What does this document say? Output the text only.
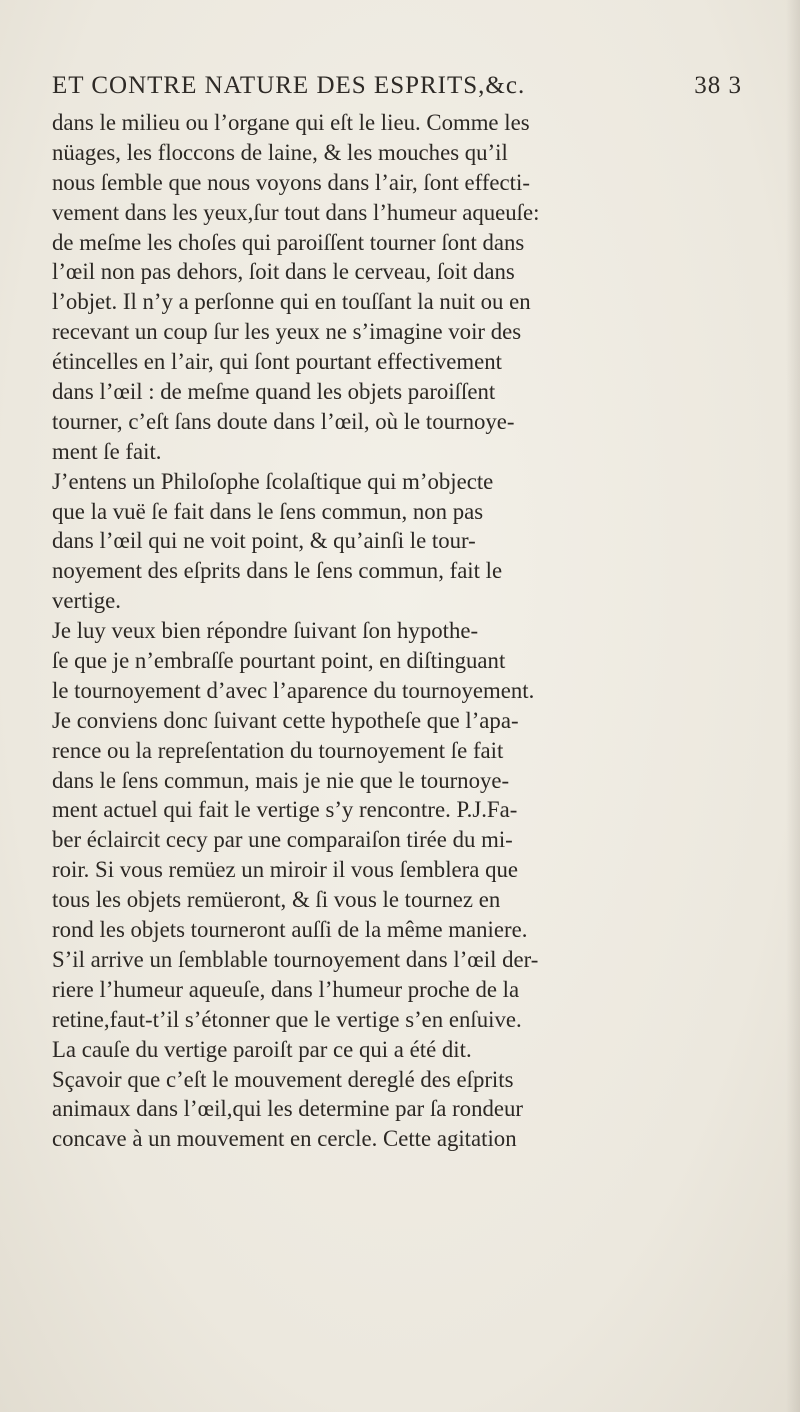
ET CONTRE NATURE DES ESPRITS,&c.	38 3
dans le milieu ou l’organe qui eſt le lieu. Comme les
nüages, les floccons de laine, & les mouches qu’il
nous ſemble que nous voyons dans l’air, ſont effecti-
vement dans les yeux,ſur tout dans l’humeur aqueuſe:
de meſme les choſes qui paroiſſent tourner ſont dans
l’œil non pas dehors, ſoit dans le cerveau, ſoit dans
l’objet. Il n’y a perſonne qui en touſſant la nuit ou en
recevant un coup ſur les yeux ne s’imagine voir des
étincelles en l’air, qui ſont pourtant effectivement
dans l’œil : de meſme quand les objets paroiſſent
tourner, c’eſt ſans doute dans l’œil, où le tournoye-
ment ſe fait.
J’entens un Philoſophe ſcolaſtique qui m’objecte
que la vuë ſe fait dans le ſens commun, non pas
dans l’œil qui ne voit point, & qu’ainſi le tour-
noyement des eſprits dans le ſens commun, fait le
vertige.
Je luy veux bien répondre ſuivant ſon hypothe-
ſe que je n’embraſſe pourtant point, en diſtinguant
le tournoyement d’avec l’aparence du tournoyement.
Je conviens donc ſuivant cette hypotheſe que l’apa-
rence ou la repreſentation du tournoyement ſe fait
dans le ſens commun, mais je nie que le tournoye-
ment actuel qui fait le vertige s’y rencontre. P.J.Fa-
ber éclaircit cecy par une comparaiſon tirée du mi-
roir. Si vous remüez un miroir il vous ſemblera que
tous les objets remüeront, & ſi vous le tournez en
rond les objets tourneront auſſi de la même maniere.
S’il arrive un ſemblable tournoyement dans l’œil der-
riere l’humeur aqueuſe, dans l’humeur proche de la
retine,faut-t’il s’étonner que le vertige s’en enſuive.
La cauſe du vertige paroiſt par ce qui a été dit.
Sçavoir que c’eſt le mouvement dereglé des eſprits
animaux dans l’œil,qui les determine par ſa rondeur
concave à un mouvement en cercle. Cette agitation
